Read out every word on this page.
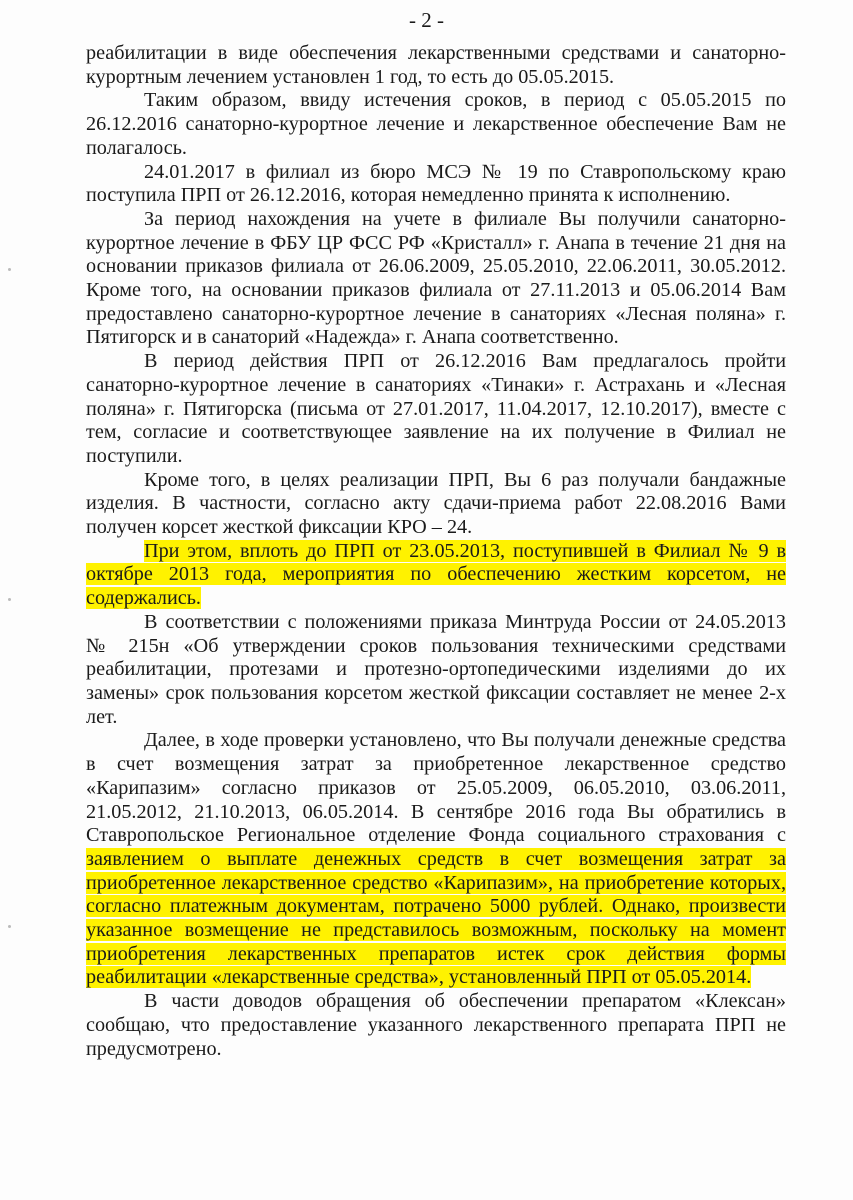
- 2 -

реабилитации в виде обеспечения лекарственными средствами и санаторно-курортным лечением установлен 1 год, то есть до 05.05.2015.

Таким образом, ввиду истечения сроков, в период с 05.05.2015 по 26.12.2016 санаторно-курортное лечение и лекарственное обеспечение Вам не полагалось.

24.01.2017 в филиал из бюро МСЭ № 19 по Ставропольскому краю поступила ПРП от 26.12.2016, которая немедленно принята к исполнению.

За период нахождения на учете в филиале Вы получили санаторно-курортное лечение в ФБУ ЦР ФСС РФ «Кристалл» г. Анапа в течение 21 дня на основании приказов филиала от 26.06.2009, 25.05.2010, 22.06.2011, 30.05.2012. Кроме того, на основании приказов филиала от 27.11.2013 и 05.06.2014 Вам предоставлено санаторно-курортное лечение в санаториях «Лесная поляна» г. Пятигорск и в санаторий «Надежда» г. Анапа соответственно.

В период действия ПРП от 26.12.2016 Вам предлагалось пройти санаторно-курортное лечение в санаториях «Тинаки» г. Астрахань и «Лесная поляна» г. Пятигорска (письма от 27.01.2017, 11.04.2017, 12.10.2017), вместе с тем, согласие и соответствующее заявление на их получение в Филиал не поступили.

Кроме того, в целях реализации ПРП, Вы 6 раз получали бандажные изделия. В частности, согласно акту сдачи-приема работ 22.08.2016 Вами получен корсет жесткой фиксации КРО – 24.

При этом, вплоть до ПРП от 23.05.2013, поступившей в Филиал № 9 в октябре 2013 года, мероприятия по обеспечению жестким корсетом, не содержались.

В соответствии с положениями приказа Минтруда России от 24.05.2013 № 215н «Об утверждении сроков пользования техническими средствами реабилитации, протезами и протезно-ортопедическими изделиями до их замены» срок пользования корсетом жесткой фиксации составляет не менее 2-х лет.

Далее, в ходе проверки установлено, что Вы получали денежные средства в счет возмещения затрат за приобретенное лекарственное средство «Карипазим» согласно приказов от 25.05.2009, 06.05.2010, 03.06.2011, 21.05.2012, 21.10.2013, 06.05.2014. В сентябре 2016 года Вы обратились в Ставропольское Региональное отделение Фонда социального страхования с заявлением о выплате денежных средств в счет возмещения затрат за приобретенное лекарственное средство «Карипазим», на приобретение которых, согласно платежным документам, потрачено 5000 рублей. Однако, произвести указанное возмещение не представилось возможным, поскольку на момент приобретения лекарственных препаратов истек срок действия формы реабилитации «лекарственные средства», установленный ПРП от 05.05.2014.

В части доводов обращения об обеспечении препаратом «Клексан» сообщаю, что предоставление указанного лекарственного препарата ПРП не предусмотрено.
